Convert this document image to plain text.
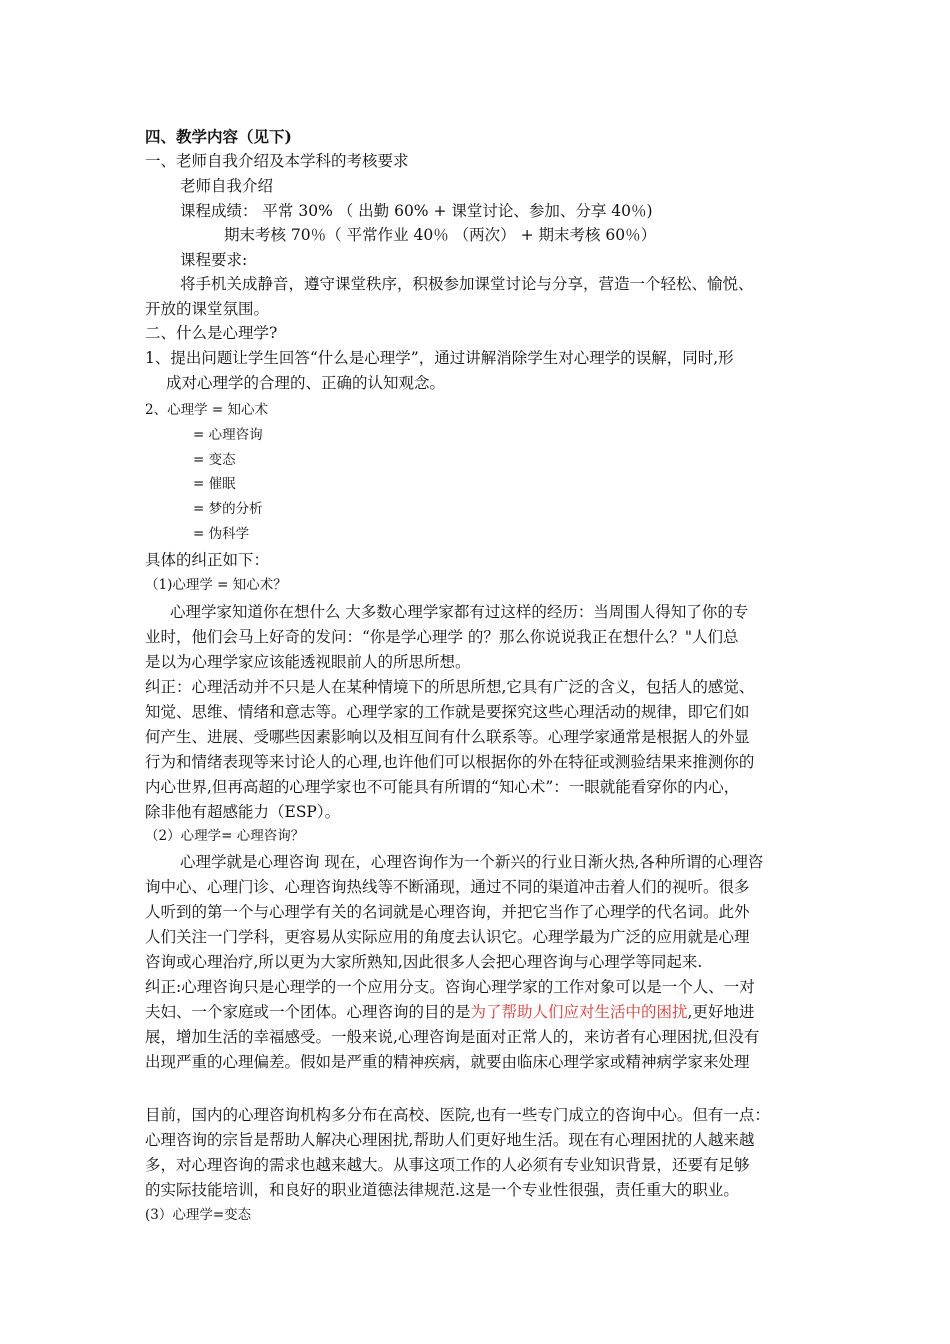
四、教学内容（见下)
一、老师自我介绍及本学科的考核要求
老师自我介绍
课程成绩： 平常 30% （ 出勤 60% + 课堂讨论、参加、分享 40％)
期末考核 70％（ 平常作业 40％ （两次） + 期末考核 60％）
课程要求:
将手机关成静音，遵守课堂秩序，积极参加课堂讨论与分享，营造一个轻松、愉悦、
开放的课堂氛围。
二、什么是心理学?
1、提出问题让学生回答“什么是心理学”，通过讲解消除学生对心理学的误解，同时,形
成对心理学的合理的、正确的认知观念。
2、心理学 = 知心术
= 心理咨询
= 变态
= 催眠
= 梦的分析
= 伪科学
具体的纠正如下：
（1)心理学 = 知心术？
心理学家知道你在想什么 大多数心理学家都有过这样的经历：当周围人得知了你的专
业时，他们会马上好奇的发问：“你是学心理学 的？那么你说说我正在想什么？"人们总
是以为心理学家应该能透视眼前人的所思所想。
纠正：心理活动并不只是人在某种情境下的所思所想,它具有广泛的含义，包括人的感觉、
知觉、思维、情绪和意志等。心理学家的工作就是要探究这些心理活动的规律，即它们如
何产生、进展、受哪些因素影响以及相互间有什么联系等。心理学家通常是根据人的外显
行为和情绪表现等来讨论人的心理,也许他们可以根据你的外在特征或测验结果来推测你的
内心世界,但再高超的心理学家也不可能具有所谓的“知心术”：一眼就能看穿你的内心，
除非他有超感能力（ESP）。
（2）心理学= 心理咨询？
心理学就是心理咨询 现在，心理咨询作为一个新兴的行业日渐火热,各种所谓的心理咨
询中心、心理门诊、心理咨询热线等不断涌现，通过不同的渠道冲击着人们的视听。很多
人听到的第一个与心理学有关的名词就是心理咨询，并把它当作了心理学的代名词。此外
人们关注一门学科，更容易从实际应用的角度去认识它。心理学最为广泛的应用就是心理
咨询或心理治疗,所以更为大家所熟知,因此很多人会把心理咨询与心理学等同起来.
纠正:心理咨询只是心理学的一个应用分支。咨询心理学家的工作对象可以是一个人、一对
夫妇、一个家庭或一个团体。心理咨询的目的是为了帮助人们应对生活中的困扰,更好地进
展，增加生活的幸福感受。一般来说,心理咨询是面对正常人的，来访者有心理困扰,但没有
出现严重的心理偏差。假如是严重的精神疾病，就要由临床心理学家或精神病学家来处理
目前，国内的心理咨询机构多分布在高校、医院,也有一些专门成立的咨询中心。但有一点：
心理咨询的宗旨是帮助人解决心理困扰,帮助人们更好地生活。现在有心理困扰的人越来越
多，对心理咨询的需求也越来越大。从事这项工作的人必须有专业知识背景，还要有足够
的实际技能培训，和良好的职业道德法律规范.这是一个专业性很强，责任重大的职业。
(3）心理学=变态
